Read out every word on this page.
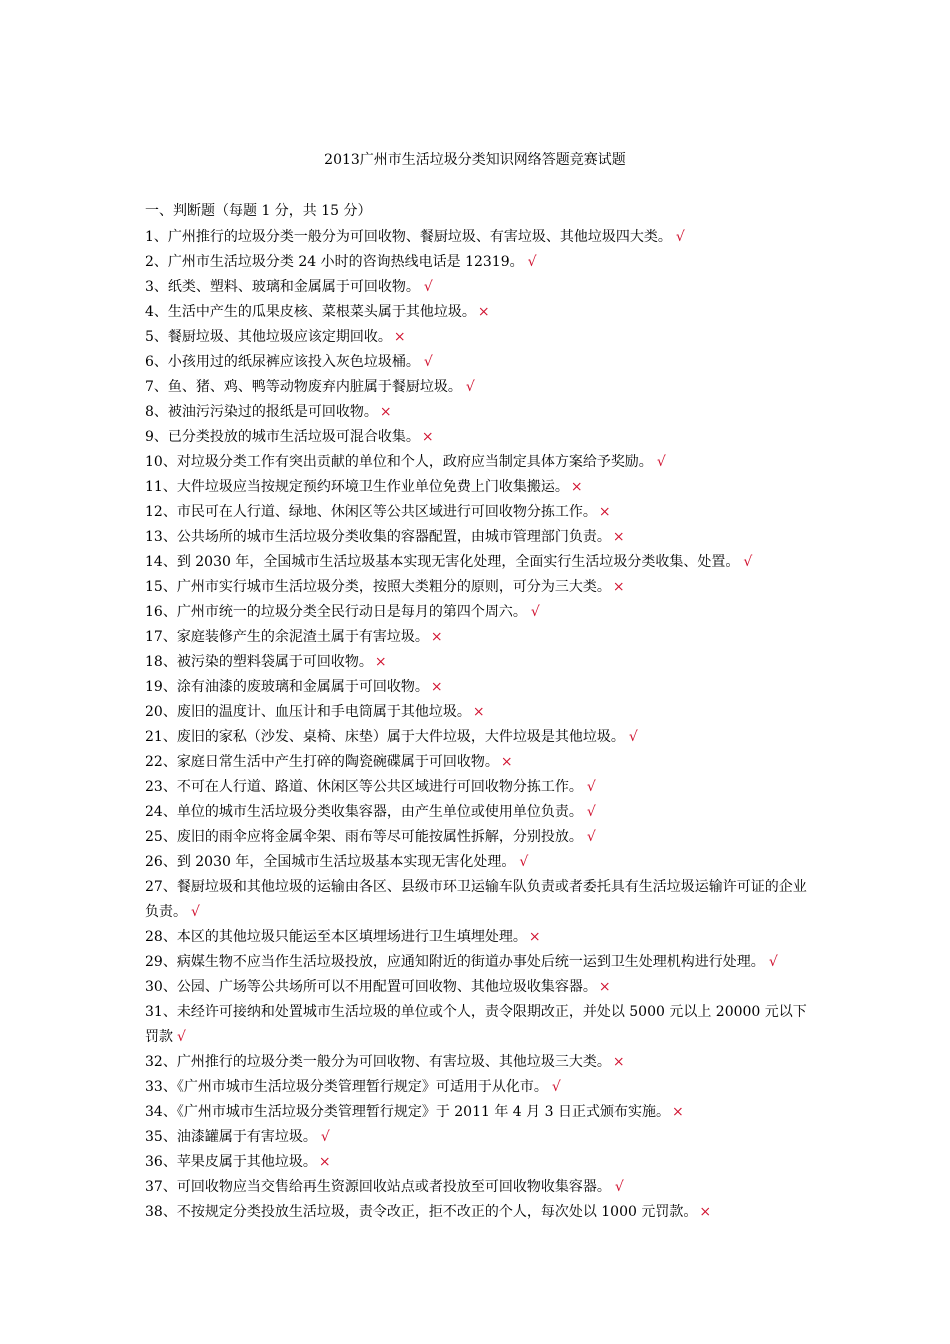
2013广州市生活垃圾分类知识网络答题竞赛试题
一、判断题（每题 1 分，共 15 分）
1、广州推行的垃圾分类一般分为可回收物、餐厨垃圾、有害垃圾、其他垃圾四大类。 √
2、广州市生活垃圾分类 24 小时的咨询热线电话是 12319。 √
3、纸类、塑料、玻璃和金属属于可回收物。 √
4、生活中产生的瓜果皮核、菜根菜头属于其他垃圾。 ×
5、餐厨垃圾、其他垃圾应该定期回收。 ×
6、小孩用过的纸尿裤应该投入灰色垃圾桶。 √
7、鱼、猪、鸡、鸭等动物废弃内脏属于餐厨垃圾。 √
8、被油污污染过的报纸是可回收物。 ×
9、已分类投放的城市生活垃圾可混合收集。 ×
10、对垃圾分类工作有突出贡献的单位和个人，政府应当制定具体方案给予奖励。 √
11、大件垃圾应当按规定预约环境卫生作业单位免费上门收集搬运。 ×
12、市民可在人行道、绿地、休闲区等公共区域进行可回收物分拣工作。 ×
13、公共场所的城市生活垃圾分类收集的容器配置，由城市管理部门负责。 ×
14、到 2030 年，全国城市生活垃圾基本实现无害化处理，全面实行生活垃圾分类收集、处置。 √
15、广州市实行城市生活垃圾分类，按照大类粗分的原则，可分为三大类。 ×
16、广州市统一的垃圾分类全民行动日是每月的第四个周六。 √
17、家庭装修产生的余泥渣土属于有害垃圾。 ×
18、被污染的塑料袋属于可回收物。 ×
19、涂有油漆的废玻璃和金属属于可回收物。 ×
20、废旧的温度计、血压计和手电筒属于其他垃圾。 ×
21、废旧的家私（沙发、桌椅、床垫）属于大件垃圾，大件垃圾是其他垃圾。 √
22、家庭日常生活中产生打碎的陶瓷碗碟属于可回收物。 ×
23、不可在人行道、路道、休闲区等公共区域进行可回收物分拣工作。 √
24、单位的城市生活垃圾分类收集容器，由产生单位或使用单位负责。 √
25、废旧的雨伞应将金属伞架、雨布等尽可能按属性拆解，分别投放。 √
26、到 2030 年，全国城市生活垃圾基本实现无害化处理。 √
27、餐厨垃圾和其他垃圾的运输由各区、县级市环卫运输车队负责或者委托具有生活垃圾运输许可证的企业负责。 √
28、本区的其他垃圾只能运至本区填埋场进行卫生填埋处理。 ×
29、病媒生物不应当作生活垃圾投放，应通知附近的街道办事处后统一运到卫生处理机构进行处理。 √
30、公园、广场等公共场所可以不用配置可回收物、其他垃圾收集容器。 ×
31、未经许可接纳和处置城市生活垃圾的单位或个人，责令限期改正，并处以 5000 元以上 20000 元以下罚款 √
32、广州推行的垃圾分类一般分为可回收物、有害垃圾、其他垃圾三大类。 ×
33、《广州市城市生活垃圾分类管理暂行规定》可适用于从化市。 √
34、《广州市城市生活垃圾分类管理暂行规定》于 2011 年 4 月 3 日正式颁布实施。 ×
35、油漆罐属于有害垃圾。 √
36、苹果皮属于其他垃圾。 ×
37、可回收物应当交售给再生资源回收站点或者投放至可回收物收集容器。 √
38、不按规定分类投放生活垃圾，责令改正，拒不改正的个人，每次处以 1000 元罚款。 ×
